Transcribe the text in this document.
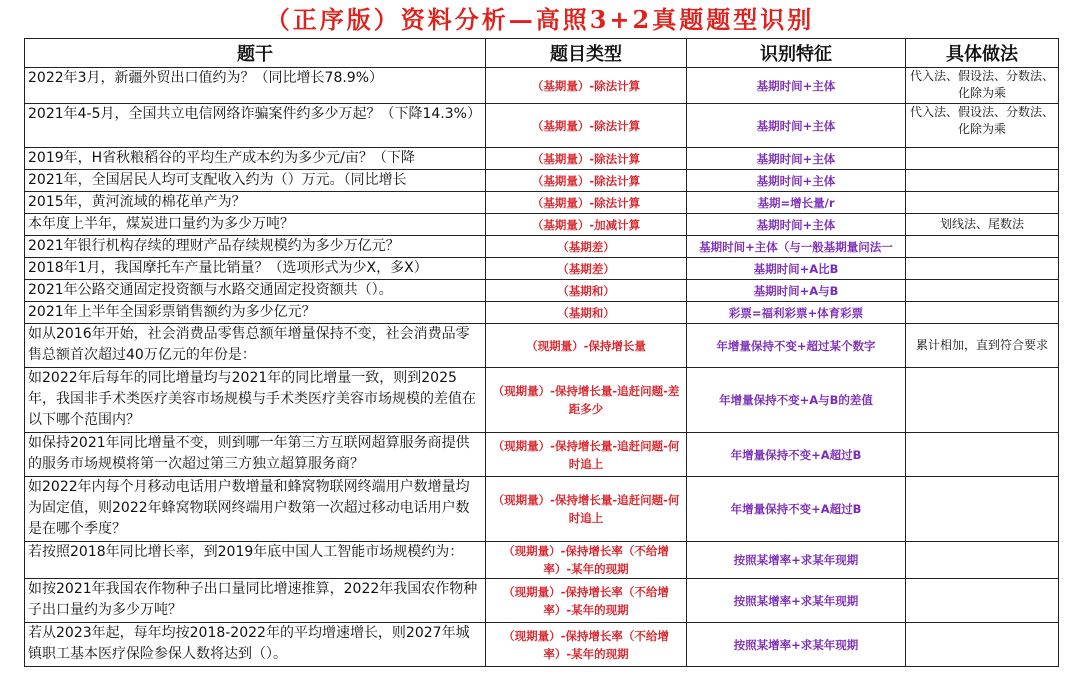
（正序版）资料分析—高照3+2真题题型识别
题干	题目类型	识别特征	具体做法
2022年3月，新疆外贸出口值约为？（同比增长78.9%）	（基期量）-除法计算	基期时间+主体	代入法、假设法、分数法、化除为乘
2021年4-5月，全国共立电信网络诈骗案件约多少万起？（下降14.3%）	（基期量）-除法计算	基期时间+主体	代入法、假设法、分数法、化除为乘

2019年，H省秋粮稻谷的平均生产成本约为多少元/亩？（下降	（基期量）-除法计算	基期时间+主体	

2021年，全国居民人均可支配收入约为（）万元。（同比增长	（基期量）-除法计算	基期时间+主体	

2015年，黄河流域的棉花单产为？	（基期量）-除法计算	基期=增长量/r	

本年度上半年，煤炭进口量约为多少万吨？	（基期量）-加减计算	基期时间+主体	划线法、尾数法

2021年银行机构存续的理财产品存续规模约为多少万亿元？	（基期差）	基期时间+主体（与一般基期量问法一	

2018年1月，我国摩托车产量比销量？（选项形式为少X，多X）	（基期差）	基期时间+A比B	

2021年公路交通固定投资额与水路交通固定投资额共（）。	（基期和）	基期时间+A与B	

2021年上半年全国彩票销售额约为多少亿元？	（基期和）	彩票=福利彩票+体育彩票	
如从2016年开始，社会消费品零售总额年增量保持不变，社会消费品零售总额首次超过40万亿元的年份是：	（现期量）-保持增长量	年增量保持不变+超过某个数字	累计相加，直到符合要求
如2022年后每年的同比增量均与2021年的同比增量一致，则到2025年，我国非手术类医疗美容市场规模与手术类医疗美容市场规模的差值在以下哪个范围内？	（现期量）-保持增长量-追赶问题-差距多少	年增量保持不变+A与B的差值	
如保持2021年同比增量不变，则到哪一年第三方互联网超算服务商提供的服务市场规模将第一次超过第三方独立超算服务商？	（现期量）-保持增长量-追赶问题-何时追上	年增量保持不变+A超过B	
如2022年内每个月移动电话用户数增量和蜂窝物联网终端用户数增量均为固定值，则2022年蜂窝物联网终端用户数第一次超过移动电话用户数是在哪个季度？	（现期量）-保持增长量-追赶问题-何时追上	年增量保持不变+A超过B	

若按照2018年同比增长率，到2019年底中国人工智能市场规模约为：	（现期量）-保持增长率（不给增率）-某年的现期	按照某增率+求某年现期	
如按2021年我国农作物种子出口量同比增速推算，2022年我国农作物种子出口量约为多少万吨？	（现期量）-保持增长率（不给增率）-某年的现期	按照某增率+求某年现期	
若从2023年起，每年均按2018-2022年的平均增速增长，则2027年城镇职工基本医疗保险参保人数将达到（）。	（现期量）-保持增长率（不给增率）-某年的现期	按照某增率+求某年现期	
